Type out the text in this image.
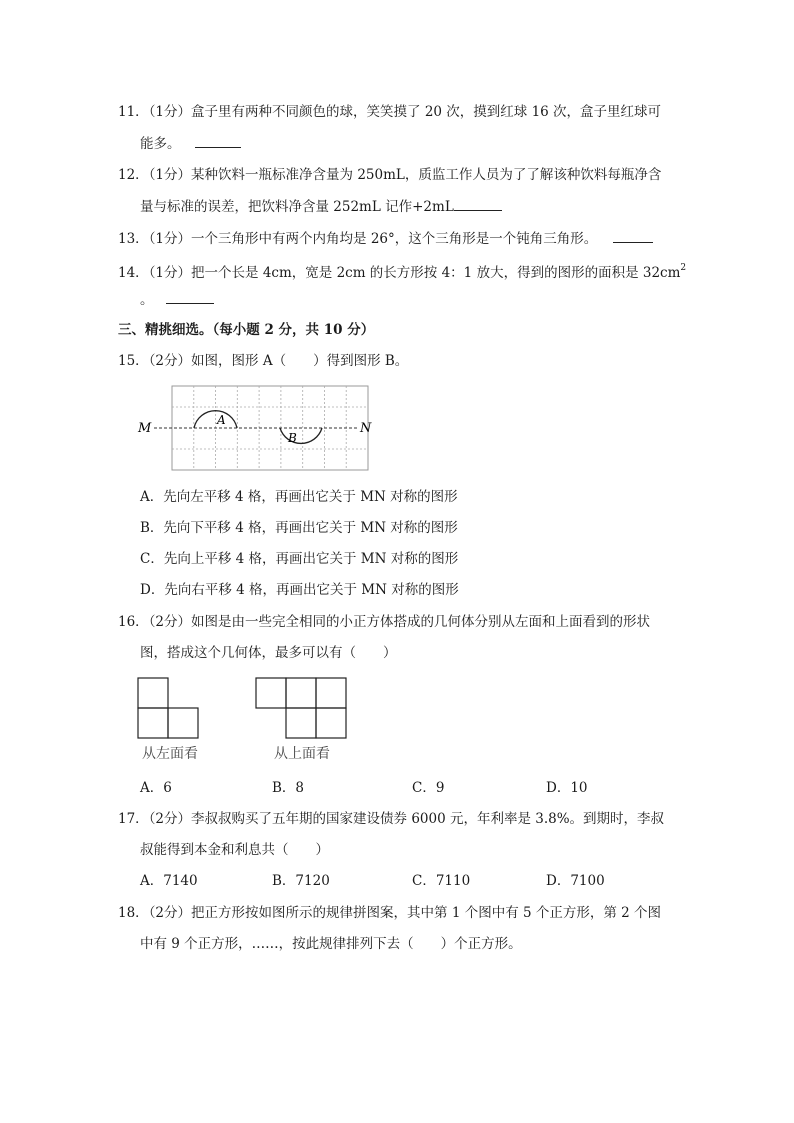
11．（1分）盒子里有两种不同颜色的球，笑笑摸了 20 次，摸到红球 16 次，盒子里红球可
能多。
12．（1分）某种饮料一瓶标准净含量为 250mL，质监工作人员为了了解该种饮料每瓶净含
量与标准的误差，把饮料净含量 252mL 记作+2mL
13．（1分）一个三角形中有两个内角均是 26°，这个三角形是一个钝角三角形。
14．（1分）把一个长是 4cm，宽是 2cm 的长方形按 4：1 放大，得到的图形的面积是 $32cm^2$
。
三、精挑细选。（每小题 2 分，共 10 分）
15．（2分）如图，图形 A（　　）得到图形 B。
M	N
A
B
A．先向左平移 4 格，再画出它关于 MN 对称的图形
B．先向下平移 4 格，再画出它关于 MN 对称的图形
C．先向上平移 4 格，再画出它关于 MN 对称的图形
D．先向右平移 4 格，再画出它关于 MN 对称的图形
16．（2分）如图是由一些完全相同的小正方体搭成的几何体分别从左面和上面看到的形状
图，搭成这个几何体，最多可以有（　　）
从左面看	从上面看
A．6	B．8	C．9	D．10
17．（2分）李叔叔购买了五年期的国家建设债券 6000 元，年利率是 3.8%。到期时，李叔
叔能得到本金和利息共（　　）
A．7140	B．7120	C．7110	D．7100
18．（2分）把正方形按如图所示的规律拼图案，其中第 1 个图中有 5 个正方形，第 2 个图
中有 9 个正方形，……，按此规律排列下去（　　）个正方形。
